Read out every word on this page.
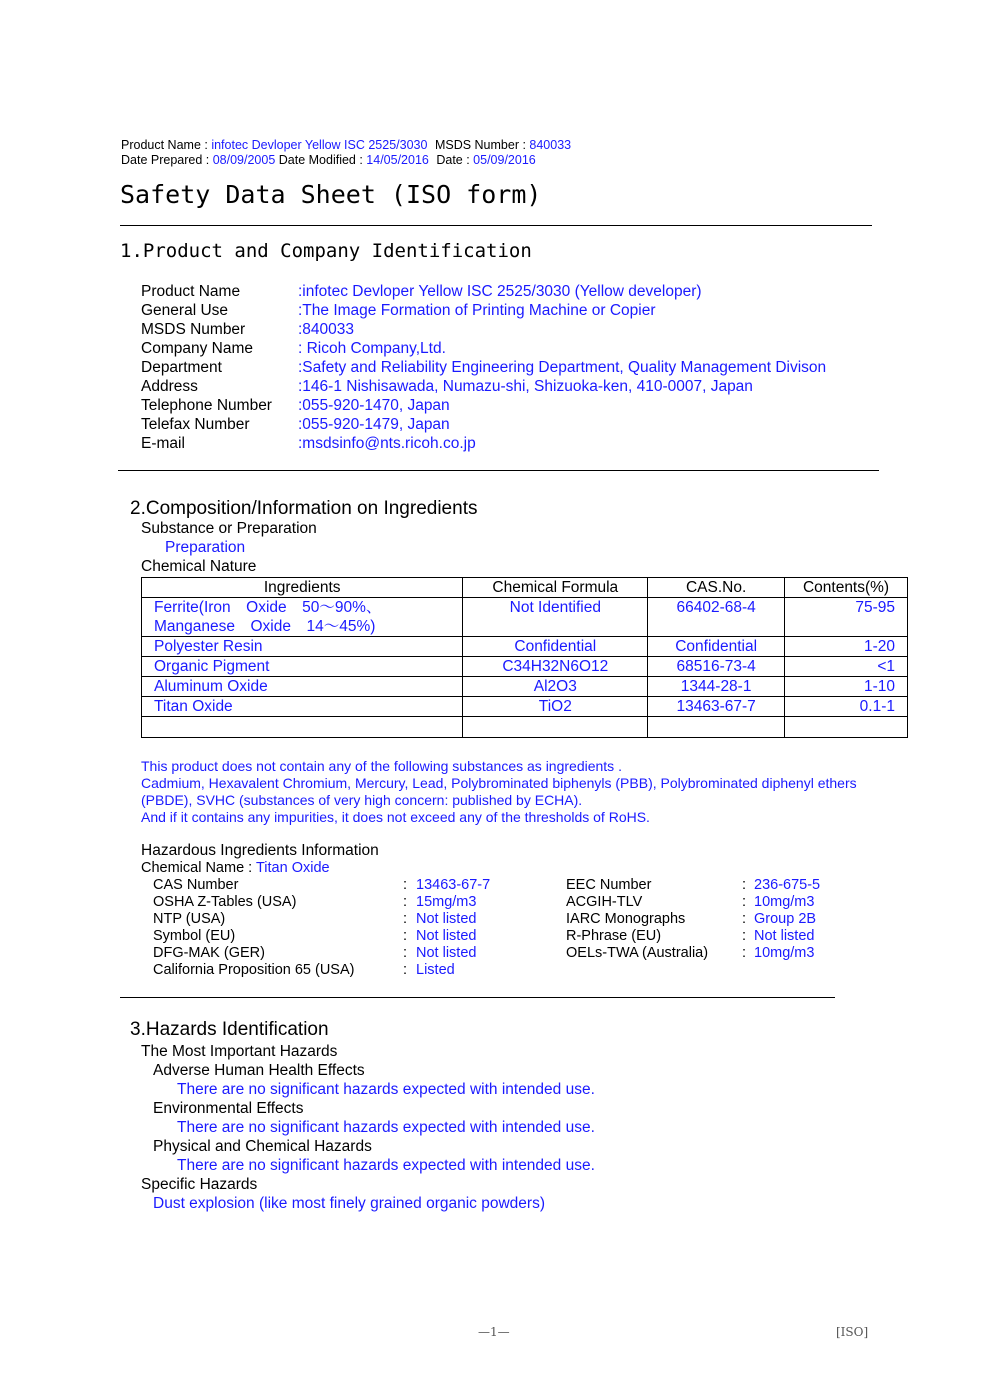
Product Name : infotec Devloper Yellow ISC 2525/3030 MSDS Number : 840033
Date Prepared : 08/09/2005 Date Modified : 14/05/2016 Date : 05/09/2016
Safety Data Sheet (ISO form)
1.Product and Company Identification
Product Name	:infotec Devloper Yellow ISC 2525/3030 (Yellow developer)
General Use	:The Image Formation of Printing Machine or Copier
MSDS Number	:840033
Company Name	: Ricoh Company,Ltd.
Department	:Safety and Reliability Engineering Department, Quality Management Divison
Address	:146-1 Nishisawada, Numazu-shi, Shizuoka-ken, 410-0007, Japan
Telephone Number :055-920-1470, Japan
Telefax Number	:055-920-1479, Japan
E-mail	:msdsinfo@nts.ricoh.co.jp
2.Composition/Information on Ingredients
Substance or Preparation
Preparation
Chemical Nature
Ingredients	Chemical Formula	CAS.No.	Contents(%)

Ferrite(Iron　Oxide　50～90%、
Manganese　Oxide　14～45%)	Not Identified	66402-68-4	75-95
Polyester Resin	Confidential	Confidential	1-20
Organic Pigment	C34H32N6O12	68516-73-4	<1
Aluminum Oxide	Al2O3	1344-28-1	1-10
Titan Oxide	TiO2	13463-67-7	0.1-1

This product does not contain any of the following substances as ingredients .
Cadmium, Hexavalent Chromium, Mercury, Lead, Polybrominated biphenyls (PBB), Polybrominated diphenyl ethers
(PBDE), SVHC (substances of very high concern: published by ECHA).
And if it contains any impurities, it does not exceed any of the thresholds of RoHS.
Hazardous Ingredients Information
Chemical Name : Titan Oxide
CAS Number	: 13463-67-7
OSHA Z-Tables (USA)	: 15mg/m3
NTP (USA)	: Not listed
Symbol (EU)	: Not listed
DFG-MAK (GER)	: Not listed
California Proposition 65 (USA)	: Listed
EEC Number	: 236-675-5
ACGIH-TLV	: 10mg/m3
IARC Monographs	: Group 2B
R-Phrase (EU)	: Not listed
OELs-TWA (Australia) : 10mg/m3
3.Hazards Identification
The Most Important Hazards
Adverse Human Health Effects
There are no significant hazards expected with intended use.
Environmental Effects
There are no significant hazards expected with intended use.
Physical and Chemical Hazards
There are no significant hazards expected with intended use.
Specific Hazards
Dust explosion (like most finely grained organic powders)
—1—	[ISO]
